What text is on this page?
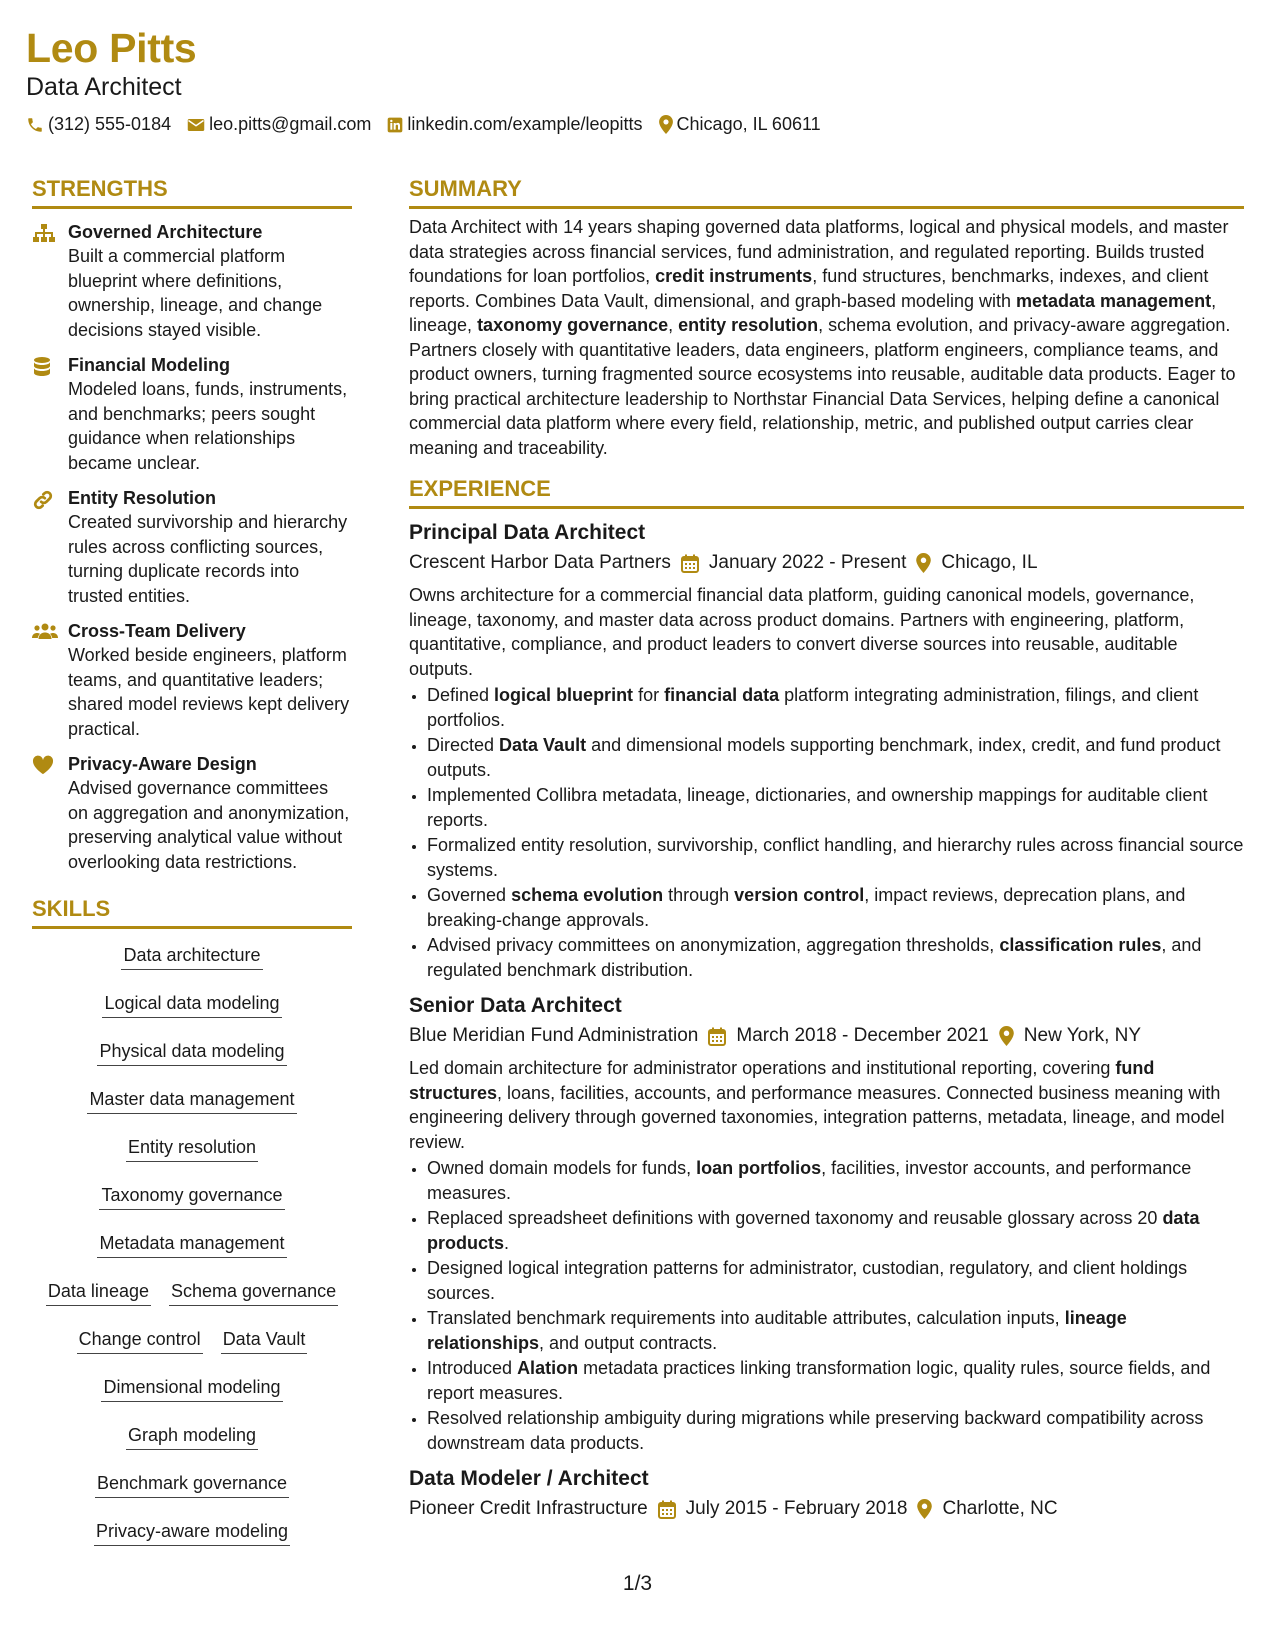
Leo Pitts
Data Architect
(312) 555-0184 leo.pitts@gmail.com linkedin.com/example/leopitts Chicago, IL 60611
STRENGTHS
Governed Architecture
Built a commercial platform blueprint where definitions, ownership, lineage, and change decisions stayed visible.
Financial Modeling
Modeled loans, funds, instruments, and benchmarks; peers sought guidance when relationships became unclear.
Entity Resolution
Created survivorship and hierarchy rules across conflicting sources, turning duplicate records into trusted entities.
Cross-Team Delivery
Worked beside engineers, platform teams, and quantitative leaders; shared model reviews kept delivery practical.
Privacy-Aware Design
Advised governance committees on aggregation and anonymization, preserving analytical value without overlooking data restrictions.
SKILLS
Data architecture
Logical data modeling
Physical data modeling
Master data management
Entity resolution
Taxonomy governance
Metadata management
Data lineage Schema governance
Change control Data Vault
Dimensional modeling
Graph modeling
Benchmark governance
Privacy-aware modeling
SUMMARY
Data Architect with 14 years shaping governed data platforms, logical and physical models, and master data strategies across financial services, fund administration, and regulated reporting. Builds trusted foundations for loan portfolios, credit instruments, fund structures, benchmarks, indexes, and client reports. Combines Data Vault, dimensional, and graph-based modeling with metadata management, lineage, taxonomy governance, entity resolution, schema evolution, and privacy-aware aggregation. Partners closely with quantitative leaders, data engineers, platform engineers, compliance teams, and product owners, turning fragmented source ecosystems into reusable, auditable data products. Eager to bring practical architecture leadership to Northstar Financial Data Services, helping define a canonical commercial data platform where every field, relationship, metric, and published output carries clear meaning and traceability.
EXPERIENCE
Principal Data Architect
Crescent Harbor Data Partners January 2022 - Present Chicago, IL
Owns architecture for a commercial financial data platform, guiding canonical models, governance, lineage, taxonomy, and master data across product domains. Partners with engineering, platform, quantitative, compliance, and product leaders to convert diverse sources into reusable, auditable outputs.
• Defined logical blueprint for financial data platform integrating administration, filings, and client portfolios.
• Directed Data Vault and dimensional models supporting benchmark, index, credit, and fund product outputs.
• Implemented Collibra metadata, lineage, dictionaries, and ownership mappings for auditable client reports.
• Formalized entity resolution, survivorship, conflict handling, and hierarchy rules across financial source systems.
• Governed schema evolution through version control, impact reviews, deprecation plans, and breaking-change approvals.
• Advised privacy committees on anonymization, aggregation thresholds, classification rules, and regulated benchmark distribution.
Senior Data Architect
Blue Meridian Fund Administration March 2018 - December 2021 New York, NY
Led domain architecture for administrator operations and institutional reporting, covering fund structures, loans, facilities, accounts, and performance measures. Connected business meaning with engineering delivery through governed taxonomies, integration patterns, metadata, lineage, and model review.
• Owned domain models for funds, loan portfolios, facilities, investor accounts, and performance measures.
• Replaced spreadsheet definitions with governed taxonomy and reusable glossary across 20 data products.
• Designed logical integration patterns for administrator, custodian, regulatory, and client holdings sources.
• Translated benchmark requirements into auditable attributes, calculation inputs, lineage relationships, and output contracts.
• Introduced Alation metadata practices linking transformation logic, quality rules, source fields, and report measures.
• Resolved relationship ambiguity during migrations while preserving backward compatibility across downstream data products.
Data Modeler / Architect
Pioneer Credit Infrastructure July 2015 - February 2018 Charlotte, NC
1/3
